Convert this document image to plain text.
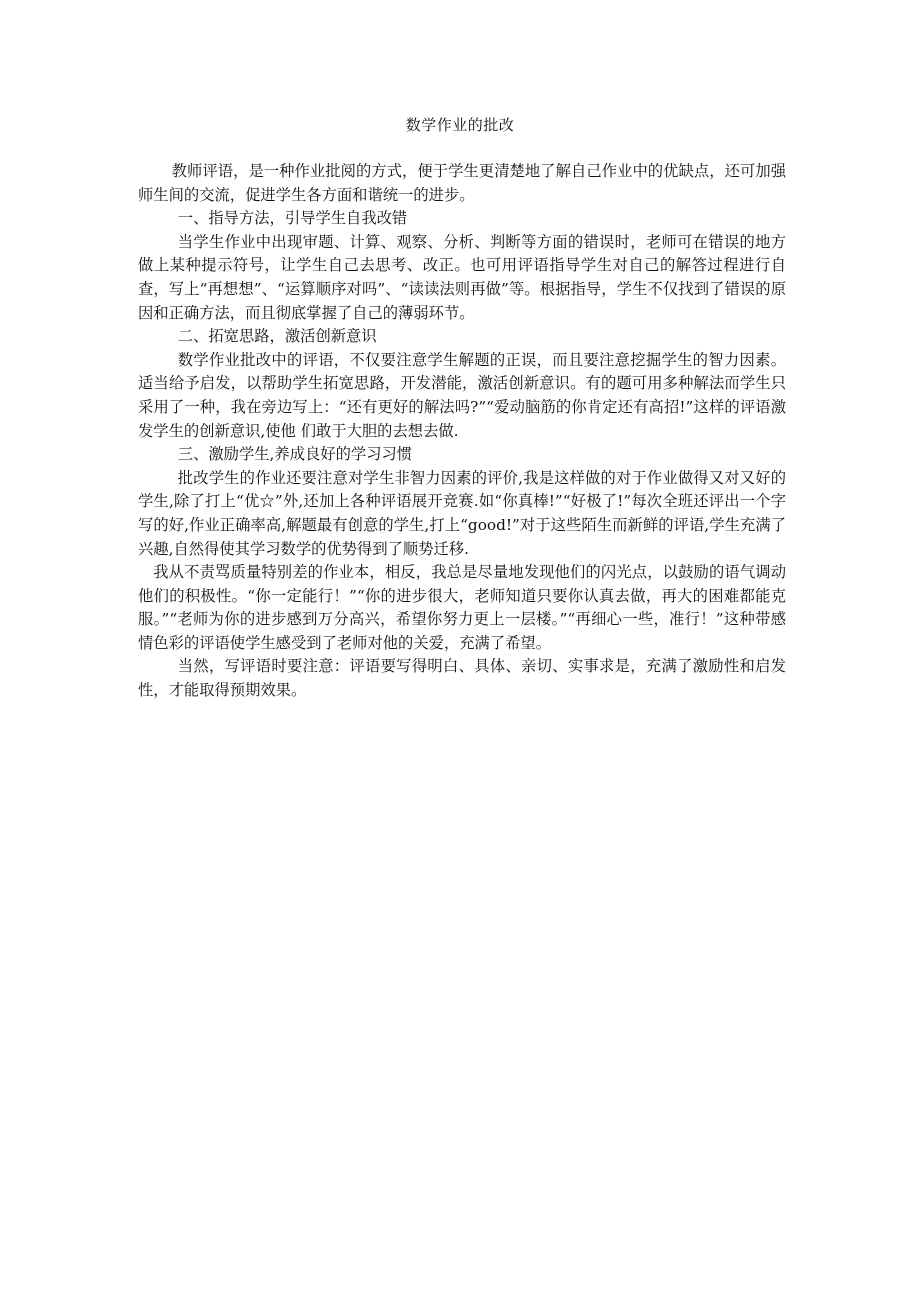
数学作业的批改

教师评语，是一种作业批阅的方式，便于学生更清楚地了解自己作业中的优缺点，还可加强师生间的交流，促进学生各方面和谐统一的进步。

一、指导方法，引导学生自我改错

当学生作业中出现审题、计算、观察、分析、判断等方面的错误时，老师可在错误的地方做上某种提示符号，让学生自己去思考、改正。也可用评语指导学生对自己的解答过程进行自查，写上“再想想”、“运算顺序对吗”、“读读法则再做”等。根据指导，学生不仅找到了错误的原因和正确方法，而且彻底掌握了自己的薄弱环节。

二、拓宽思路，激活创新意识

数学作业批改中的评语，不仅要注意学生解题的正误，而且要注意挖掘学生的智力因素。适当给予启发，以帮助学生拓宽思路，开发潜能，激活创新意识。有的题可用多种解法而学生只采用了一种，我在旁边写上：“还有更好的解法吗?”“爱动脑筋的你肯定还有高招!”这样的评语激发学生的创新意识,使他 们敢于大胆的去想去做.

三、激励学生,养成良好的学习习惯

批改学生的作业还要注意对学生非智力因素的评价,我是这样做的对于作业做得又对又好的学生,除了打上“优☆”外,还加上各种评语展开竞赛.如“你真棒!”“好极了!”每次全班还评出一个字写的好,作业正确率高,解题最有创意的学生,打上“good!”对于这些陌生而新鲜的评语,学生充满了兴趣,自然得使其学习数学的优势得到了顺势迁移.

我从不责骂质量特别差的作业本，相反，我总是尽量地发现他们的闪光点，以鼓励的语气调动他们的积极性。“你一定能行！”“你的进步很大，老师知道只要你认真去做，再大的困难都能克服。”“老师为你的进步感到万分高兴，希望你努力更上一层楼。”“再细心一些，准行！”这种带感情色彩的评语使学生感受到了老师对他的关爱，充满了希望。

当然，写评语时要注意：评语要写得明白、具体、亲切、实事求是，充满了激励性和启发性，才能取得预期效果。
